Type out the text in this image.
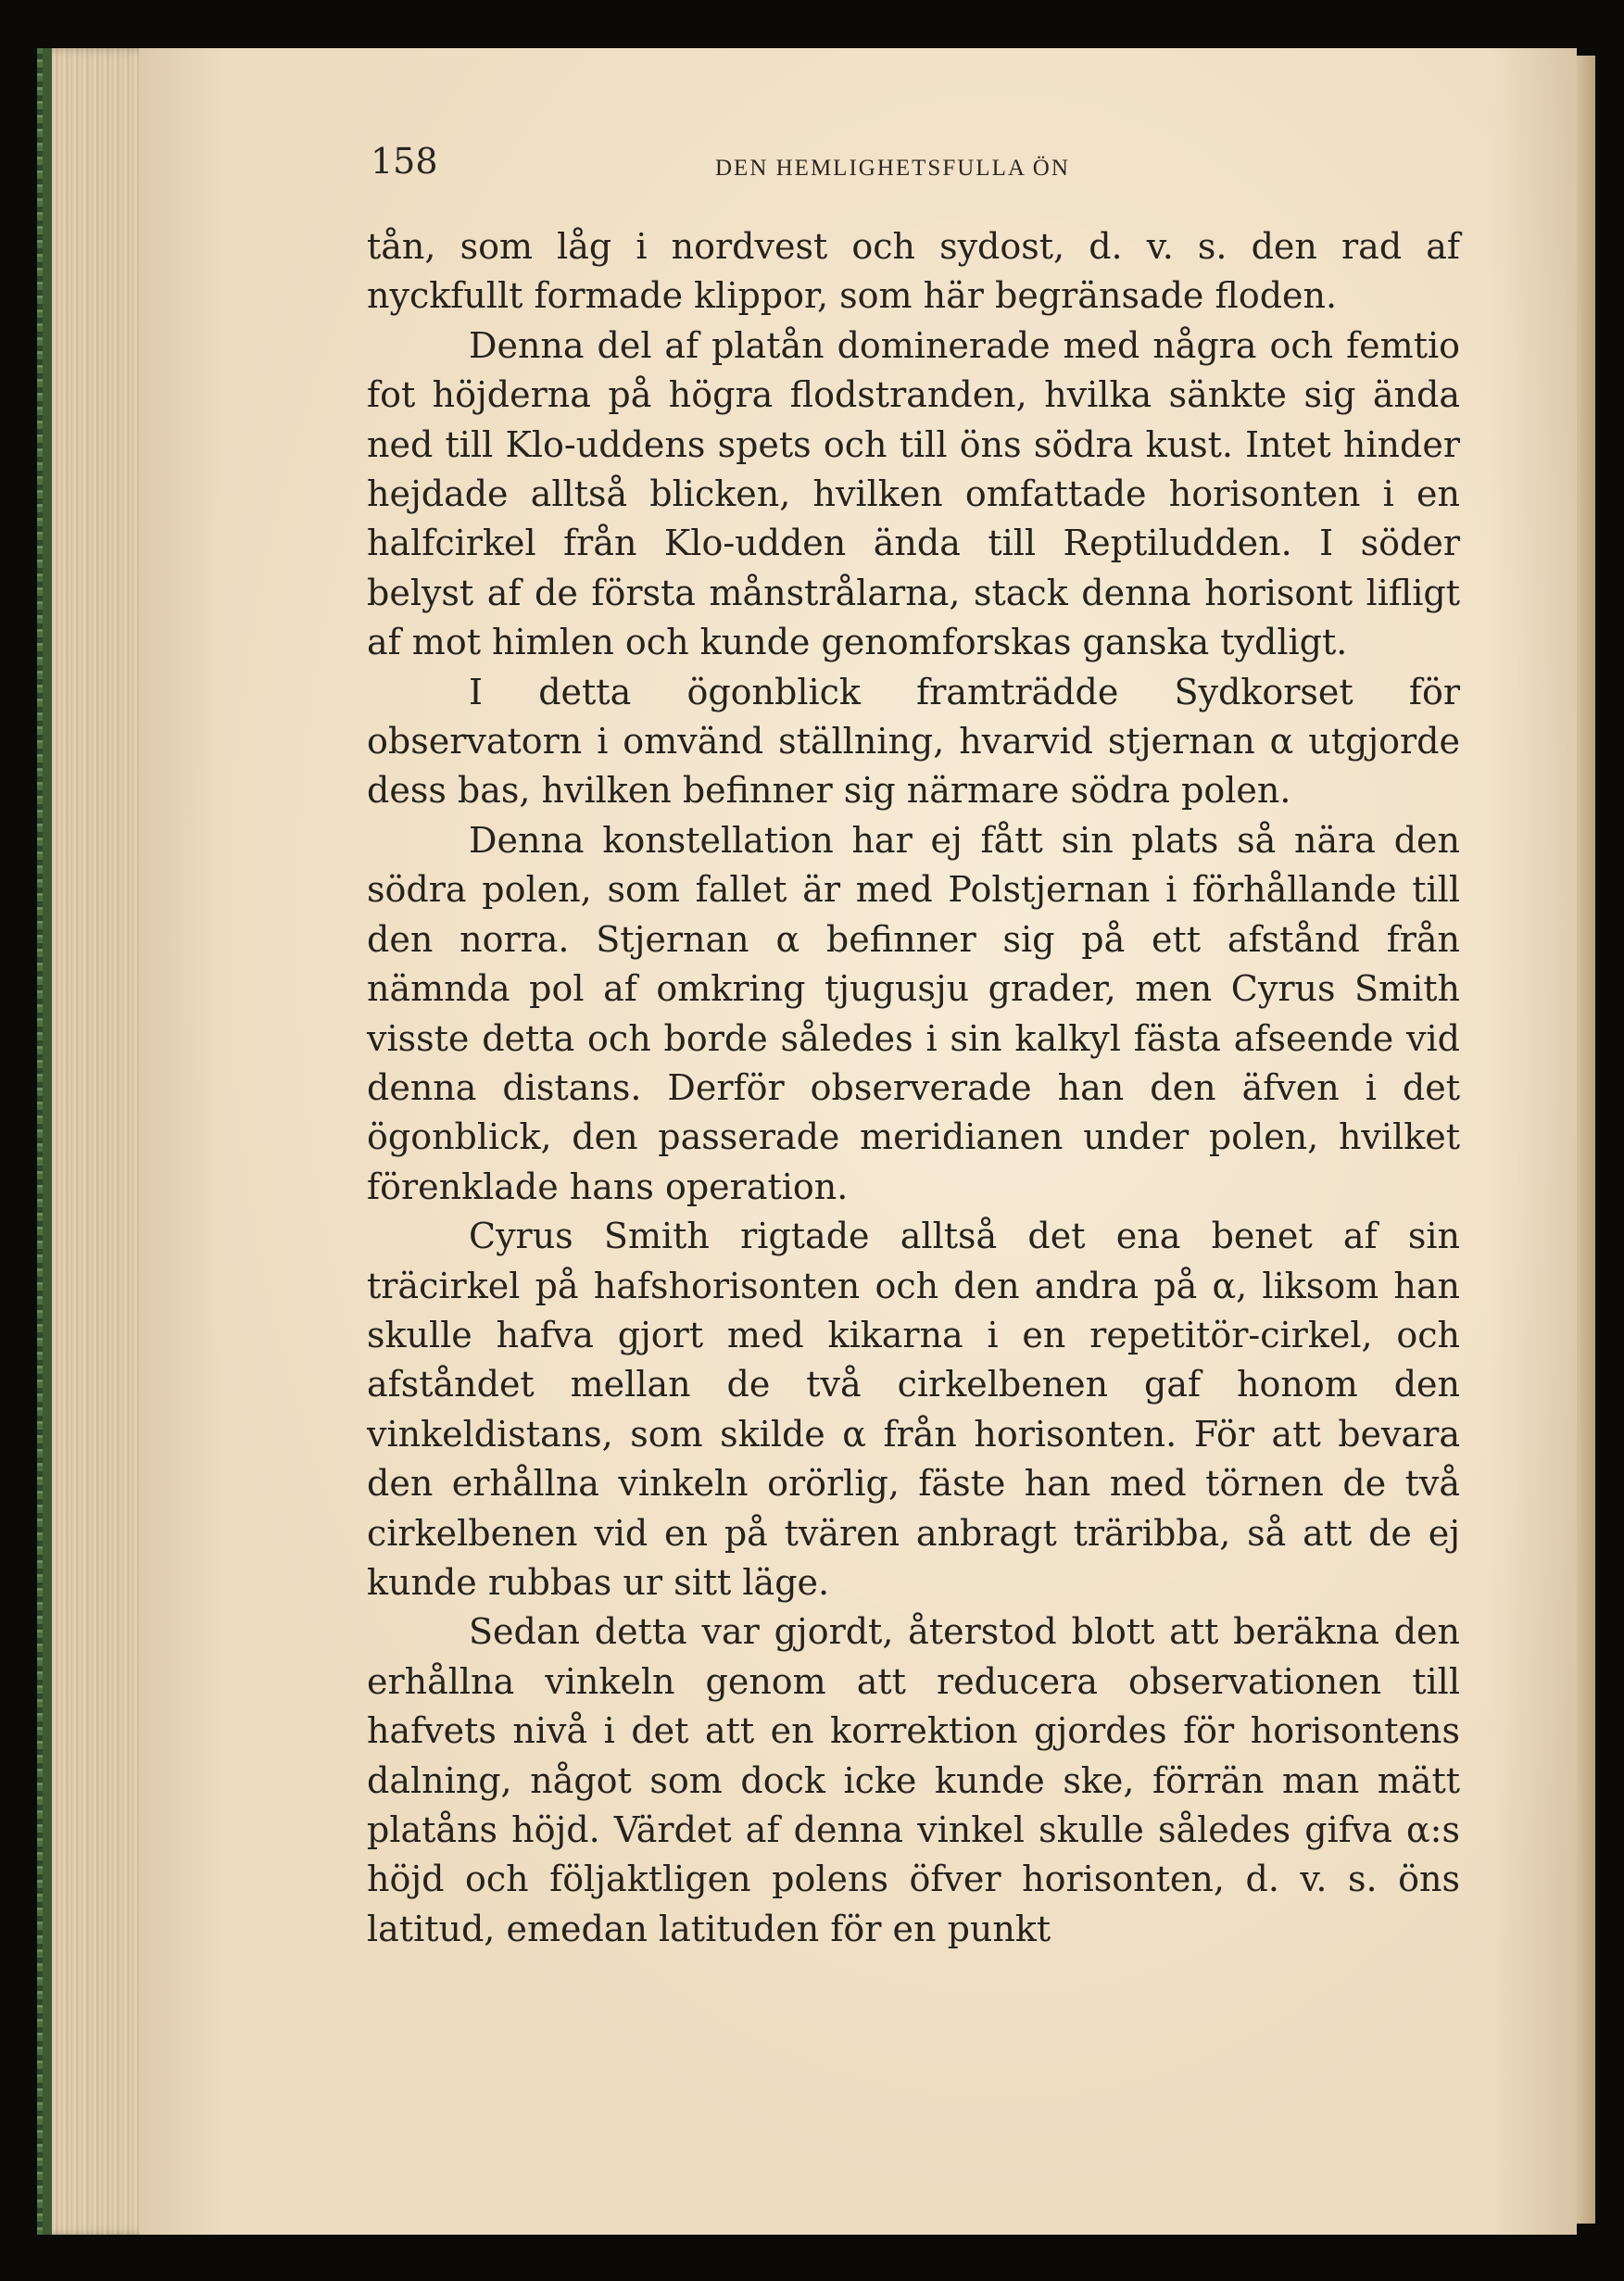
158	DEN HEMLIGHETSFULLA ÖN

tån, som låg i nordvest och sydost, d. v. s. den rad af nyckfullt formade klippor, som här begränsade floden.

Denna del af platån dominerade med några och femtio fot höjderna på högra flodstranden, hvilka sänkte sig ända ned till Klo-uddens spets och till öns södra kust. Intet hinder hejdade alltså blicken, hvilken omfattade horisonten i en halfcirkel från Klo-udden ända till Reptiludden. I söder belyst af de första månstrålarna, stack denna horisont lifligt af mot himlen och kunde genomforskas ganska tydligt.

I detta ögonblick framträdde Sydkorset för observatorn i omvänd ställning, hvarvid stjernan α utgjorde dess bas, hvilken befinner sig närmare södra polen.

Denna konstellation har ej fått sin plats så nära den södra polen, som fallet är med Polstjernan i förhållande till den norra. Stjernan α befinner sig på ett afstånd från nämnda pol af omkring tjugusju grader, men Cyrus Smith visste detta och borde således i sin kalkyl fästa afseende vid denna distans. Derför observerade han den äfven i det ögonblick, den passerade meridianen under polen, hvilket förenklade hans operation.

Cyrus Smith rigtade alltså det ena benet af sin träcirkel på hafshorisonten och den andra på α, liksom han skulle hafva gjort med kikarna i en repetitör-cirkel, och afståndet mellan de två cirkelbenen gaf honom den vinkeldistans, som skilde α från horisonten. För att bevara den erhållna vinkeln orörlig, fäste han med törnen de två cirkelbenen vid en på tvären anbragt träribba, så att de ej kunde rubbas ur sitt läge.

Sedan detta var gjordt, återstod blott att beräkna den erhållna vinkeln genom att reducera observationen till hafvets nivå i det att en korrektion gjordes för horisontens dalning, något som dock icke kunde ske, förrän man mätt platåns höjd. Värdet af denna vinkel skulle således gifva α:s höjd och följaktligen polens öfver horisonten, d. v. s. öns latitud, emedan latituden för en punkt
